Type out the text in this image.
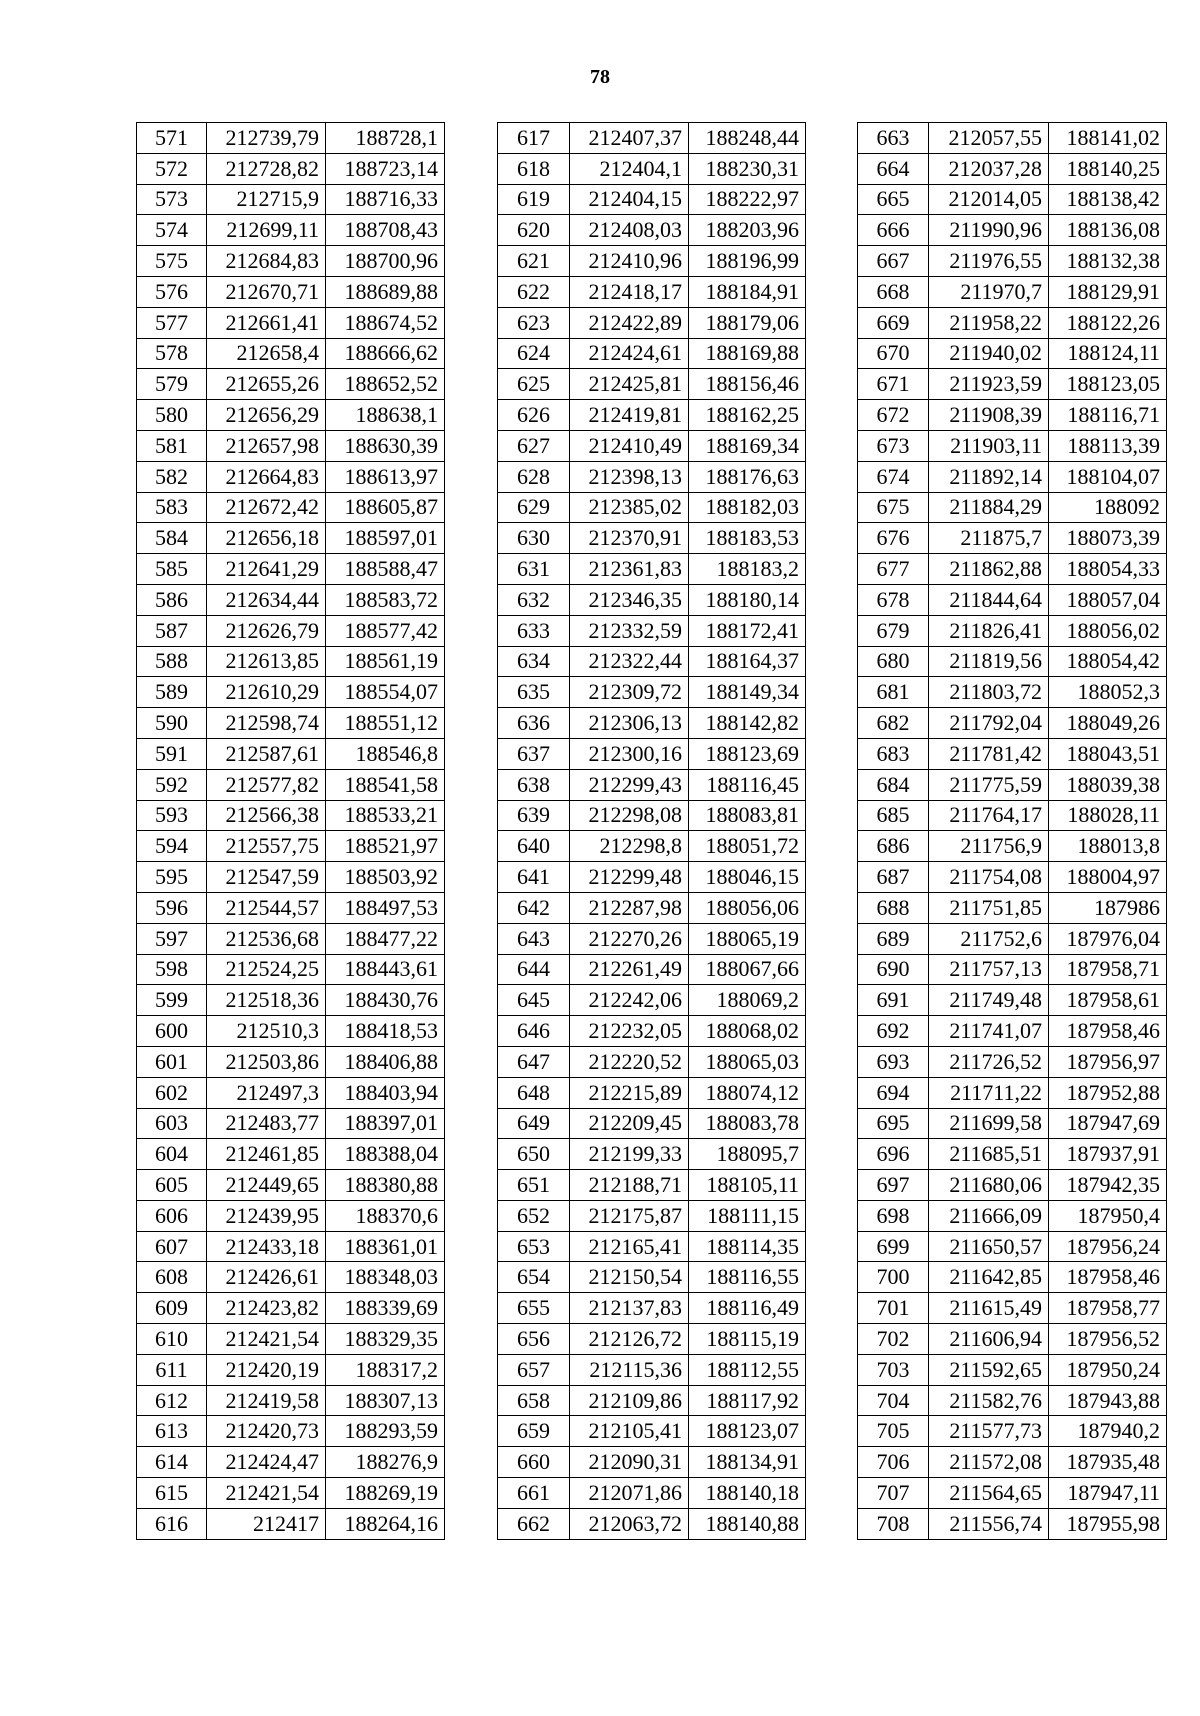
78
571	212739,79	188728,1
572	212728,82	188723,14
573	212715,9	188716,33
574	212699,11	188708,43
575	212684,83	188700,96
576	212670,71	188689,88
577	212661,41	188674,52
578	212658,4	188666,62
579	212655,26	188652,52
580	212656,29	188638,1
581	212657,98	188630,39
582	212664,83	188613,97
583	212672,42	188605,87
584	212656,18	188597,01
585	212641,29	188588,47
586	212634,44	188583,72
587	212626,79	188577,42
588	212613,85	188561,19
589	212610,29	188554,07
590	212598,74	188551,12
591	212587,61	188546,8
592	212577,82	188541,58
593	212566,38	188533,21
594	212557,75	188521,97
595	212547,59	188503,92
596	212544,57	188497,53
597	212536,68	188477,22
598	212524,25	188443,61
599	212518,36	188430,76
600	212510,3	188418,53
601	212503,86	188406,88
602	212497,3	188403,94
603	212483,77	188397,01
604	212461,85	188388,04
605	212449,65	188380,88
606	212439,95	188370,6
607	212433,18	188361,01
608	212426,61	188348,03
609	212423,82	188339,69
610	212421,54	188329,35
611	212420,19	188317,2
612	212419,58	188307,13
613	212420,73	188293,59
614	212424,47	188276,9
615	212421,54	188269,19
616	212417	188264,16
617	212407,37	188248,44
618	212404,1	188230,31
619	212404,15	188222,97
620	212408,03	188203,96
621	212410,96	188196,99
622	212418,17	188184,91
623	212422,89	188179,06
624	212424,61	188169,88
625	212425,81	188156,46
626	212419,81	188162,25
627	212410,49	188169,34
628	212398,13	188176,63
629	212385,02	188182,03
630	212370,91	188183,53
631	212361,83	188183,2
632	212346,35	188180,14
633	212332,59	188172,41
634	212322,44	188164,37
635	212309,72	188149,34
636	212306,13	188142,82
637	212300,16	188123,69
638	212299,43	188116,45
639	212298,08	188083,81
640	212298,8	188051,72
641	212299,48	188046,15
642	212287,98	188056,06
643	212270,26	188065,19
644	212261,49	188067,66
645	212242,06	188069,2
646	212232,05	188068,02
647	212220,52	188065,03
648	212215,89	188074,12
649	212209,45	188083,78
650	212199,33	188095,7
651	212188,71	188105,11
652	212175,87	188111,15
653	212165,41	188114,35
654	212150,54	188116,55
655	212137,83	188116,49
656	212126,72	188115,19
657	212115,36	188112,55
658	212109,86	188117,92
659	212105,41	188123,07
660	212090,31	188134,91
661	212071,86	188140,18
662	212063,72	188140,88
663	212057,55	188141,02
664	212037,28	188140,25
665	212014,05	188138,42
666	211990,96	188136,08
667	211976,55	188132,38
668	211970,7	188129,91
669	211958,22	188122,26
670	211940,02	188124,11
671	211923,59	188123,05
672	211908,39	188116,71
673	211903,11	188113,39
674	211892,14	188104,07
675	211884,29	188092
676	211875,7	188073,39
677	211862,88	188054,33
678	211844,64	188057,04
679	211826,41	188056,02
680	211819,56	188054,42
681	211803,72	188052,3
682	211792,04	188049,26
683	211781,42	188043,51
684	211775,59	188039,38
685	211764,17	188028,11
686	211756,9	188013,8
687	211754,08	188004,97
688	211751,85	187986
689	211752,6	187976,04
690	211757,13	187958,71
691	211749,48	187958,61
692	211741,07	187958,46
693	211726,52	187956,97
694	211711,22	187952,88
695	211699,58	187947,69
696	211685,51	187937,91
697	211680,06	187942,35
698	211666,09	187950,4
699	211650,57	187956,24
700	211642,85	187958,46
701	211615,49	187958,77
702	211606,94	187956,52
703	211592,65	187950,24
704	211582,76	187943,88
705	211577,73	187940,2
706	211572,08	187935,48
707	211564,65	187947,11
708	211556,74	187955,98
